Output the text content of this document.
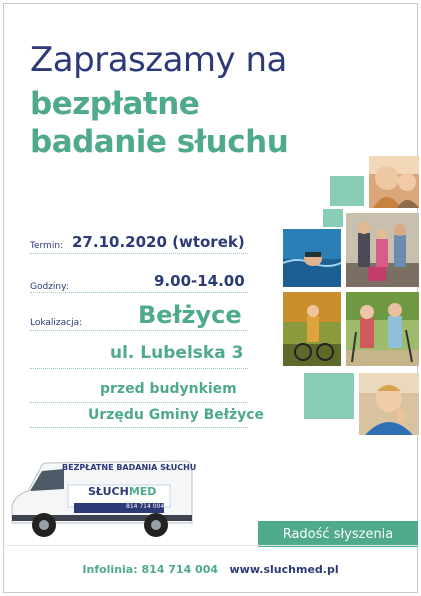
Zapraszamy na
bezpłatne
badanie słuchu
Termin: 27.10.2020 (wtorek)
Godziny:	9.00-14.00
Lokalizacja: Bełżyce
ul. Lubelska 3
przed budynkiem
Urzędu Gminy Bełżyce
BEZPŁATNE BADANIA SŁUCHU
SŁUCHMED
814 714 004
Radość słyszenia
Infolinia: 814 714 004 www.sluchmed.pl
